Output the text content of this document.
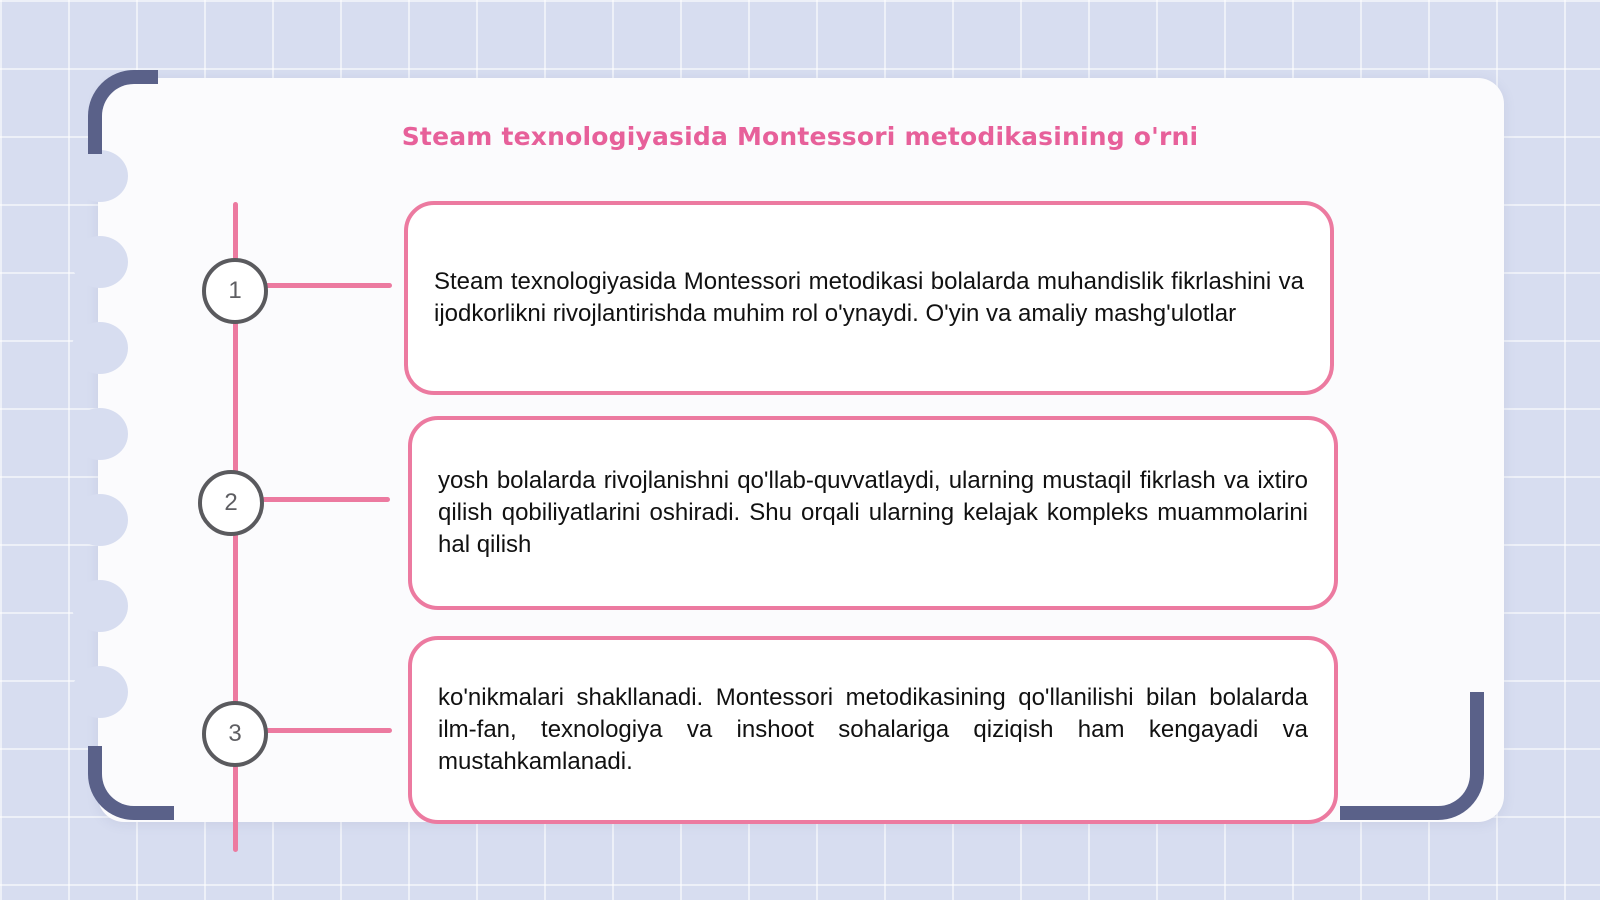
Steam texnologiyasida Montessori metodikasining o'rni
1
2
3

Steam texnologiyasida Montessori metodikasi bolalarda muhandislik fikrlashini va ijodkorlikni rivojlantirishda muhim rol o'ynaydi. O'yin va amaliy mashg'ulotlar

yosh bolalarda rivojlanishni qo'llab-quvvatlaydi, ularning mustaqil fikrlash va ixtiro qilish qobiliyatlarini oshiradi. Shu orqali ularning kelajak kompleks muammolarini hal qilish

ko'nikmalari shakllanadi. Montessori metodikasining qo'llanilishi bilan bolalarda ilm-fan, texnologiya va inshoot sohalariga qiziqish ham kengayadi va mustahkamlanadi.
